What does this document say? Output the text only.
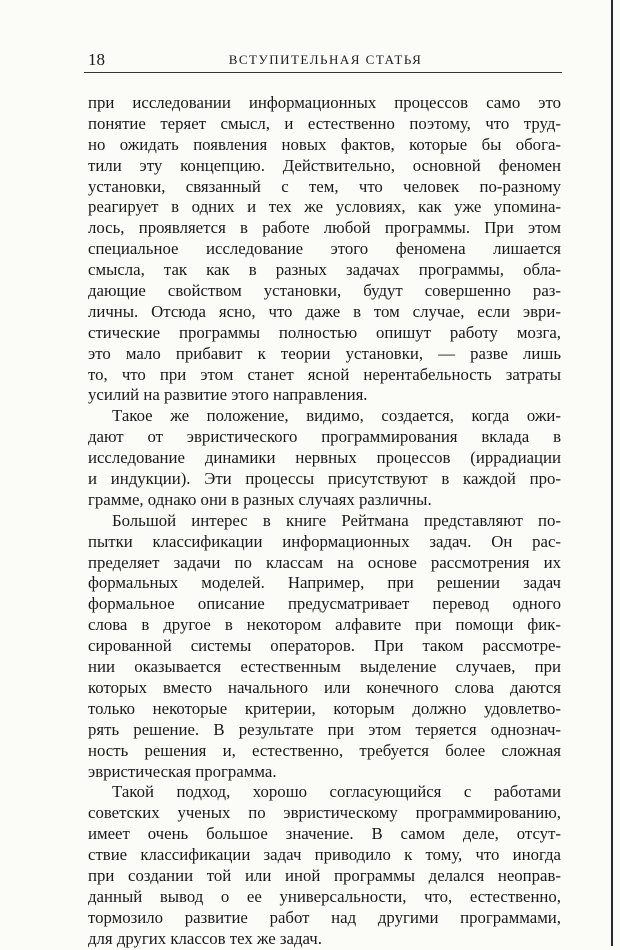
18	ВСТУПИТЕЛЬНАЯ СТАТЬЯ
при исследовании информационных процессов само это
понятие теряет смысл, и естественно поэтому, что труд-
но ожидать появления новых фактов, которые бы обога-
тили эту концепцию. Действительно, основной феномен
установки, связанный с тем, что человек по-разному
реагирует в одних и тех же условиях, как уже упомина-
лось, проявляется в работе любой программы. При этом
специальное исследование этого феномена лишается
смысла, так как в разных задачах программы, обла-
дающие свойством установки, будут совершенно раз-
личны. Отсюда ясно, что даже в том случае, если эври-
стические программы полностью опишут работу мозга,
это мало прибавит к теории установки, — разве лишь
то, что при этом станет ясной нерентабельность затраты
усилий на развитие этого направления.
Такое же положение, видимо, создается, когда ожи-
дают от эвристического программирования вклада в
исследование динамики нервных процессов (иррадиации
и индукции). Эти процессы присутствуют в каждой про-
грамме, однако они в разных случаях различны.
Большой интерес в книге Рейтмана представляют по-
пытки классификации информационных задач. Он рас-
пределяет задачи по классам на основе рассмотрения их
формальных моделей. Например, при решении задач
формальное описание предусматривает перевод одного
слова в другое в некотором алфавите при помощи фик-
сированной системы операторов. При таком рассмотре-
нии оказывается естественным выделение случаев, при
которых вместо начального или конечного слова даются
только некоторые критерии, которым должно удовлетво-
рять решение. В результате при этом теряется однознач-
ность решения и, естественно, требуется более сложная
эвристическая программа.
Такой подход, хорошо согласующийся с работами
советских ученых по эвристическому программированию,
имеет очень большое значение. В самом деле, отсут-
ствие классификации задач приводило к тому, что иногда
при создании той или иной программы делался неоправ-
данный вывод о ее универсальности, что, естественно,
тормозило развитие работ над другими программами,
для других классов тех же задач.
